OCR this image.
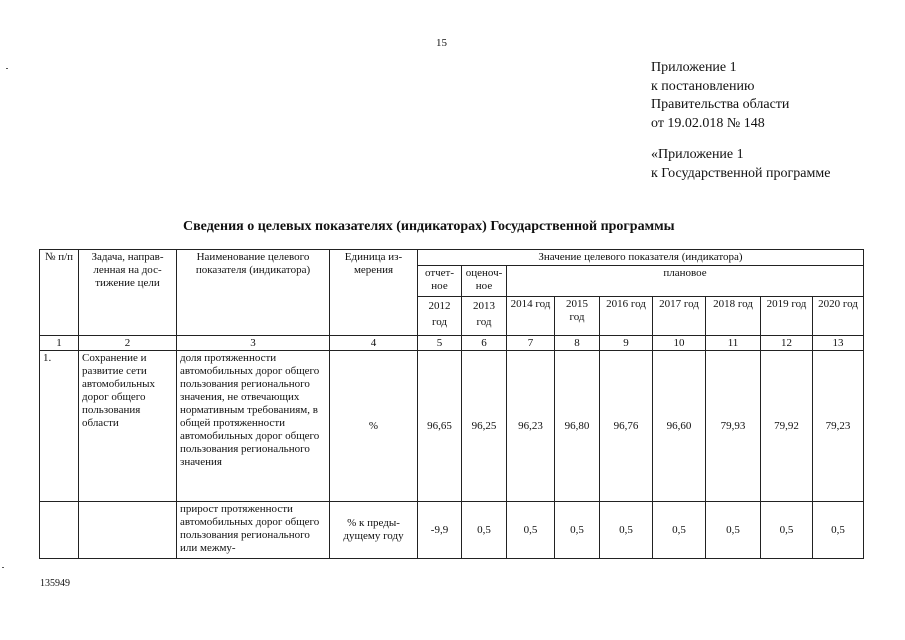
15
Приложение 1
к постановлению
Правительства области
от 19.02.018 № 148
«Приложение 1
к Государственной программе
Сведения о целевых показателях (индикаторах) Государственной программы
№ п/п	Задача, направ-ленная на дос-тижение цели	Наименование целевого показателя (индикатора)	Единица из-мерения	Значение целевого показателя (индикатора)								
				отчет-ное	оценоч-ное	плановое						
				2012 год	2013 год	2014 год	2015 год	2016 год	2017 год	2018 год	2019 год	2020 год
1	2	3	4	5	6	7	8	9	10	11	12	13
1.	Сохранение и развитие сети автомобильных дорог общего пользования области	доля протяженности автомобильных дорог общего пользования регионального значения, не отвечающих нормативным требованиям, в общей протяженности автомобильных дорог общего пользования регионального значения	%	96,65	96,25	96,23	96,80	96,76	96,60	79,93	79,92	79,23
		прирост протяженности автомобильных дорог общего пользования регионального или межму-	% к преды-дущему году	-9,9	0,5	0,5	0,5	0,5	0,5	0,5	0,5	0,5
135949
